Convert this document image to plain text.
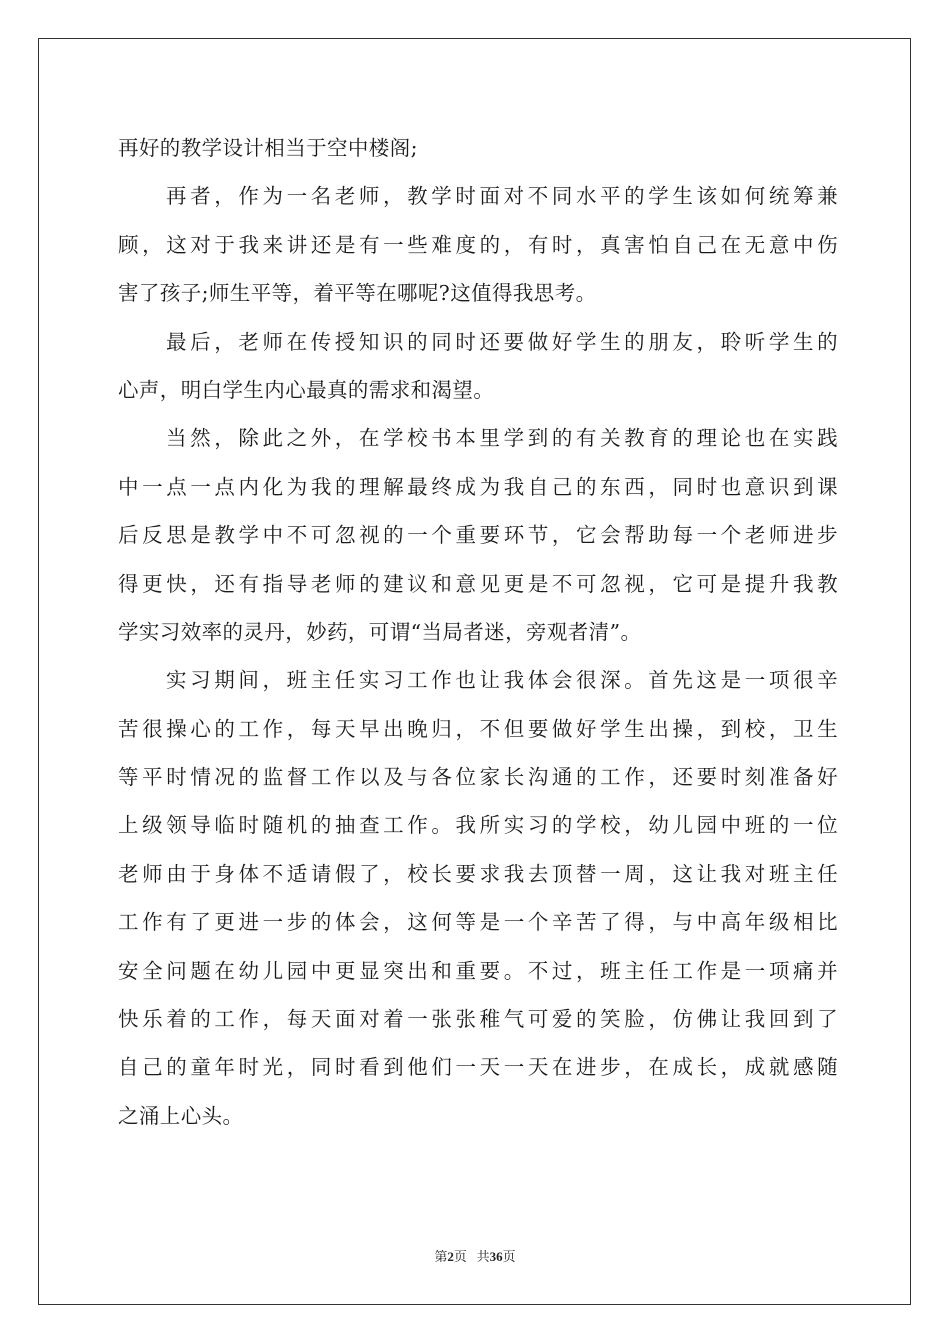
再好的教学设计相当于空中楼阁;
再者，作为一名老师，教学时面对不同水平的学生该如何统筹兼
顾，这对于我来讲还是有一些难度的，有时，真害怕自己在无意中伤
害了孩子;师生平等，着平等在哪呢?这值得我思考。
最后，老师在传授知识的同时还要做好学生的朋友，聆听学生的
心声，明白学生内心最真的需求和渴望。
当然，除此之外，在学校书本里学到的有关教育的理论也在实践
中一点一点内化为我的理解最终成为我自己的东西，同时也意识到课
后反思是教学中不可忽视的一个重要环节，它会帮助每一个老师进步
得更快，还有指导老师的建议和意见更是不可忽视，它可是提升我教
学实习效率的灵丹，妙药，可谓“当局者迷，旁观者清”。
实习期间，班主任实习工作也让我体会很深。首先这是一项很辛
苦很操心的工作，每天早出晚归，不但要做好学生出操，到校，卫生
等平时情况的监督工作以及与各位家长沟通的工作，还要时刻准备好
上级领导临时随机的抽查工作。我所实习的学校，幼儿园中班的一位
老师由于身体不适请假了，校长要求我去顶替一周，这让我对班主任
工作有了更进一步的体会，这何等是一个辛苦了得，与中高年级相比
安全问题在幼儿园中更显突出和重要。不过，班主任工作是一项痛并
快乐着的工作，每天面对着一张张稚气可爱的笑脸，仿佛让我回到了
自己的童年时光，同时看到他们一天一天在进步，在成长，成就感随
之涌上心头。
第2页 共36页
